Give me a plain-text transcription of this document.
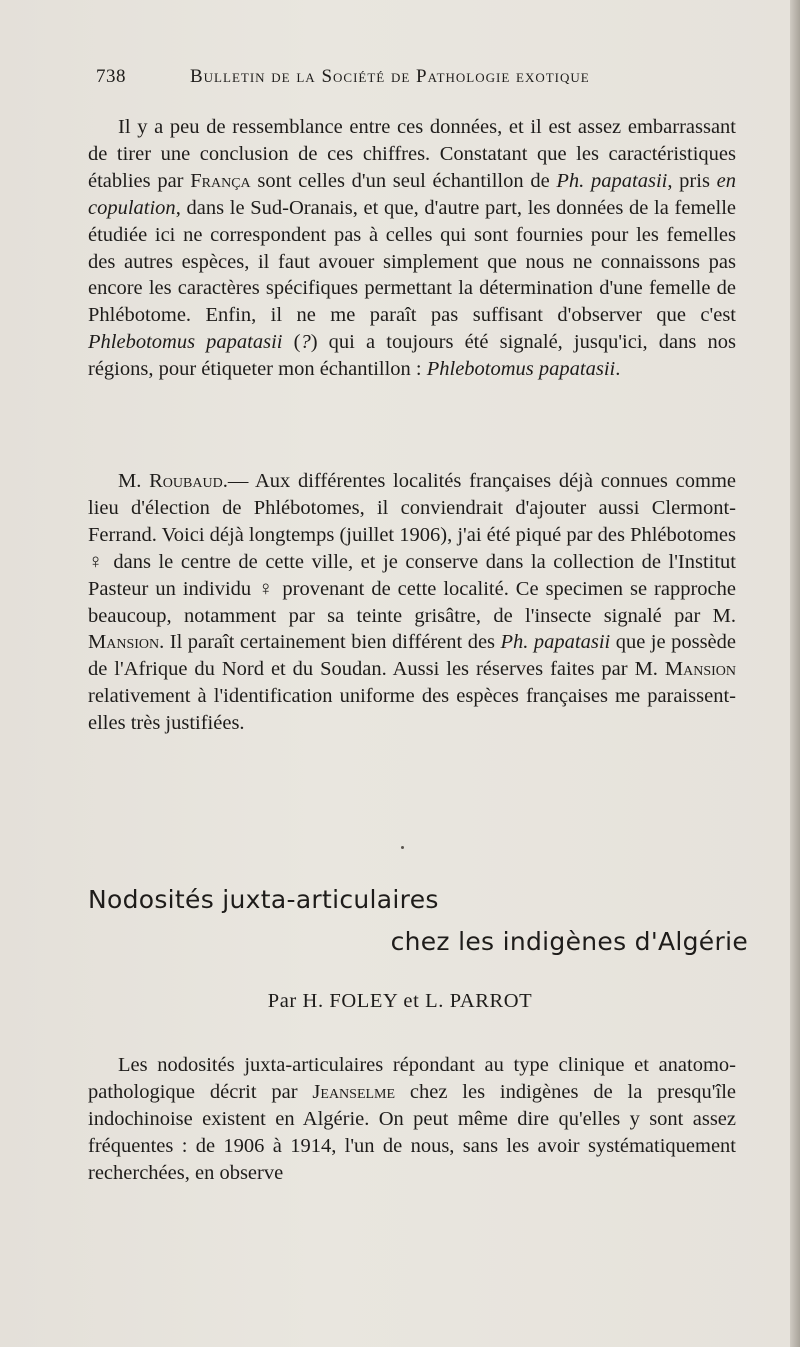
738	Bulletin de la Société de Pathologie exotique
Il y a peu de ressemblance entre ces données, et il est assez embarrassant de tirer une conclusion de ces chiffres. Constatant que les caractéristiques établies par França sont celles d'un seul échantillon de Ph. papatasii, pris en copulation, dans le Sud-Oranais, et que, d'autre part, les données de la femelle étudiée ici ne correspondent pas à celles qui sont fournies pour les femelles des autres espèces, il faut avouer simplement que nous ne connaissons pas encore les caractères spécifiques permettant la détermination d'une femelle de Phlébotome. Enfin, il ne me paraît pas suffisant d'observer que c'est Phlebotomus papatasii (?) qui a toujours été signalé, jusqu'ici, dans nos régions, pour étiqueter mon échantillon : Phlebotomus papatasii.
M. Roubaud.— Aux différentes localités françaises déjà connues comme lieu d'élection de Phlébotomes, il conviendrait d'ajouter aussi Clermont-Ferrand. Voici déjà longtemps (juillet 1906), j'ai été piqué par des Phlébotomes ♀ dans le centre de cette ville, et je conserve dans la collection de l'Institut Pasteur un individu ♀ provenant de cette localité. Ce specimen se rapproche beaucoup, notamment par sa teinte grisâtre, de l'insecte signalé par M. Mansion. Il paraît certainement bien différent des Ph. papatasii que je possède de l'Afrique du Nord et du Soudan. Aussi les réserves faites par M. Mansion relativement à l'identification uniforme des espèces françaises me paraissent-elles très justifiées.
Nodosités juxta-articulaires
chez les indigènes d'Algérie
Par H. FOLEY et L. PARROT
Les nodosités juxta-articulaires répondant au type clinique et anatomo-pathologique décrit par Jeanselme chez les indigènes de la presqu'île indochinoise existent en Algérie. On peut même dire qu'elles y sont assez fréquentes : de 1906 à 1914, l'un de nous, sans les avoir systématiquement recherchées, en observe
